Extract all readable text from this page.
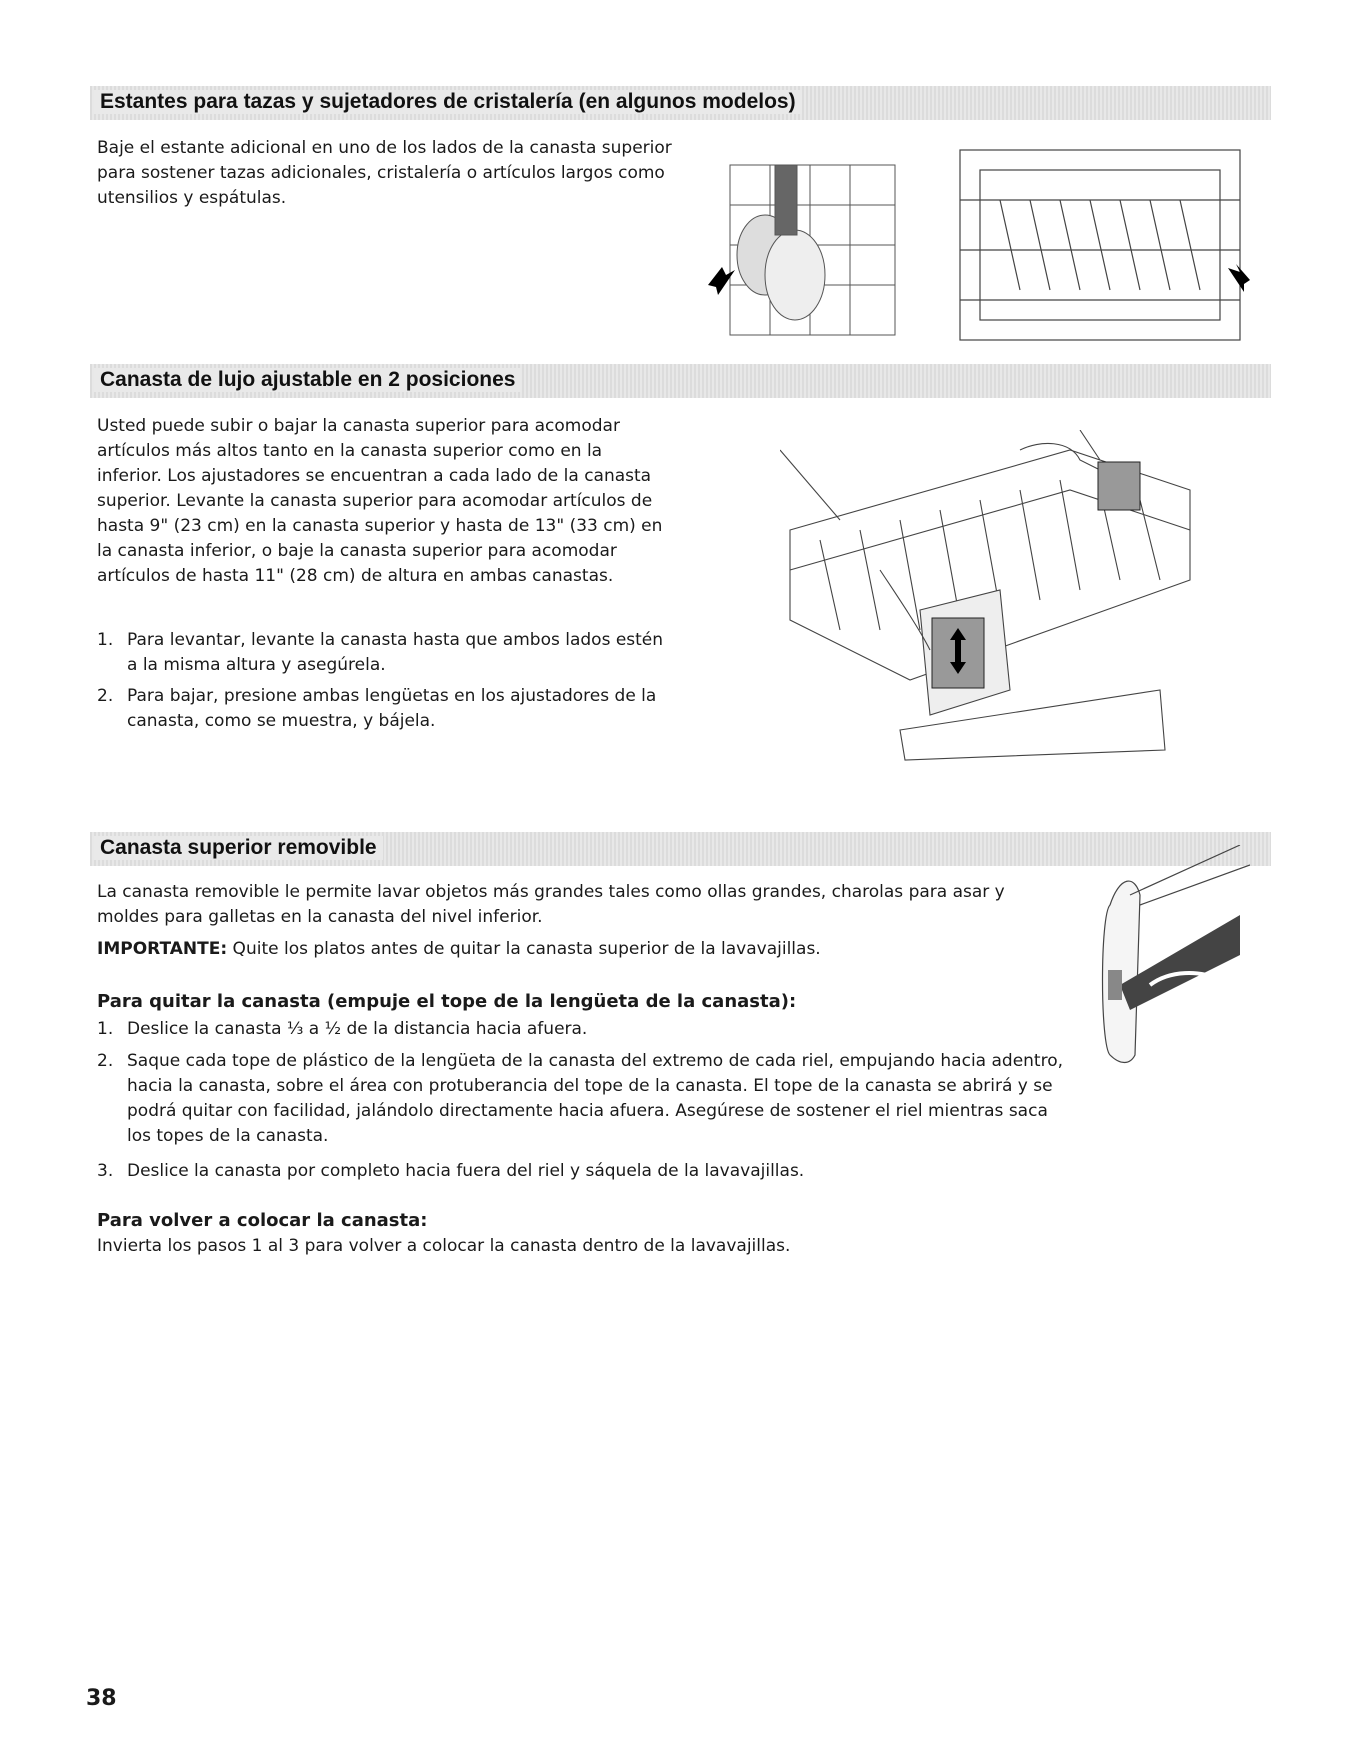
Estantes para tazas y sujetadores de cristalería (en algunos modelos)

Baje el estante adicional en uno de los lados de la canasta superior para sostener tazas adicionales, cristalería o artículos largos como utensilios y espátulas.

Canasta de lujo ajustable en 2 posiciones

Usted puede subir o bajar la canasta superior para acomodar artículos más altos tanto en la canasta superior como en la inferior. Los ajustadores se encuentran a cada lado de la canasta superior. Levante la canasta superior para acomodar artículos de hasta 9" (23 cm) en la canasta superior y hasta de 13" (33 cm) en la canasta inferior, o baje la canasta superior para acomodar artículos de hasta 11" (28 cm) de altura en ambas canastas.

1. Para levantar, levante la canasta hasta que ambos lados estén a la misma altura y asegúrela.
2. Para bajar, presione ambas lengüetas en los ajustadores de la canasta, como se muestra, y bájela.
Canasta superior removible

La canasta removible le permite lavar objetos más grandes tales como ollas grandes, charolas para asar y moldes para galletas en la canasta del nivel inferior.

IMPORTANTE: Quite los platos antes de quitar la canasta superior de la lavavajillas.

Para quitar la canasta (empuje el tope de la lengüeta de la canasta):

1. Deslice la canasta ⅓ a ½ de la distancia hacia afuera.
2. Saque cada tope de plástico de la lengüeta de la canasta del extremo de cada riel, empujando hacia adentro, hacia la canasta, sobre el área con protuberancia del tope de la canasta. El tope de la canasta se abrirá y se podrá quitar con facilidad, jalándolo directamente hacia afuera. Asegúrese de sostener el riel mientras saca los topes de la canasta.
3. Deslice la canasta por completo hacia fuera del riel y sáquela de la lavavajillas.

Para volver a colocar la canasta:

Invierta los pasos 1 al 3 para volver a colocar la canasta dentro de la lavavajillas.

38
